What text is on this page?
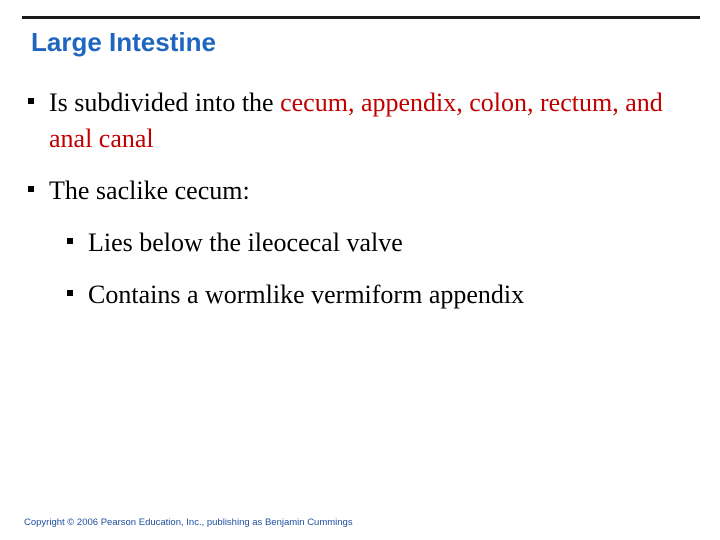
Large Intestine
Is subdivided into the cecum, appendix, colon, rectum, and anal canal
The saclike cecum:
Lies below the ileocecal valve
Contains a wormlike vermiform appendix
Copyright © 2006 Pearson Education, Inc., publishing as Benjamin Cummings
